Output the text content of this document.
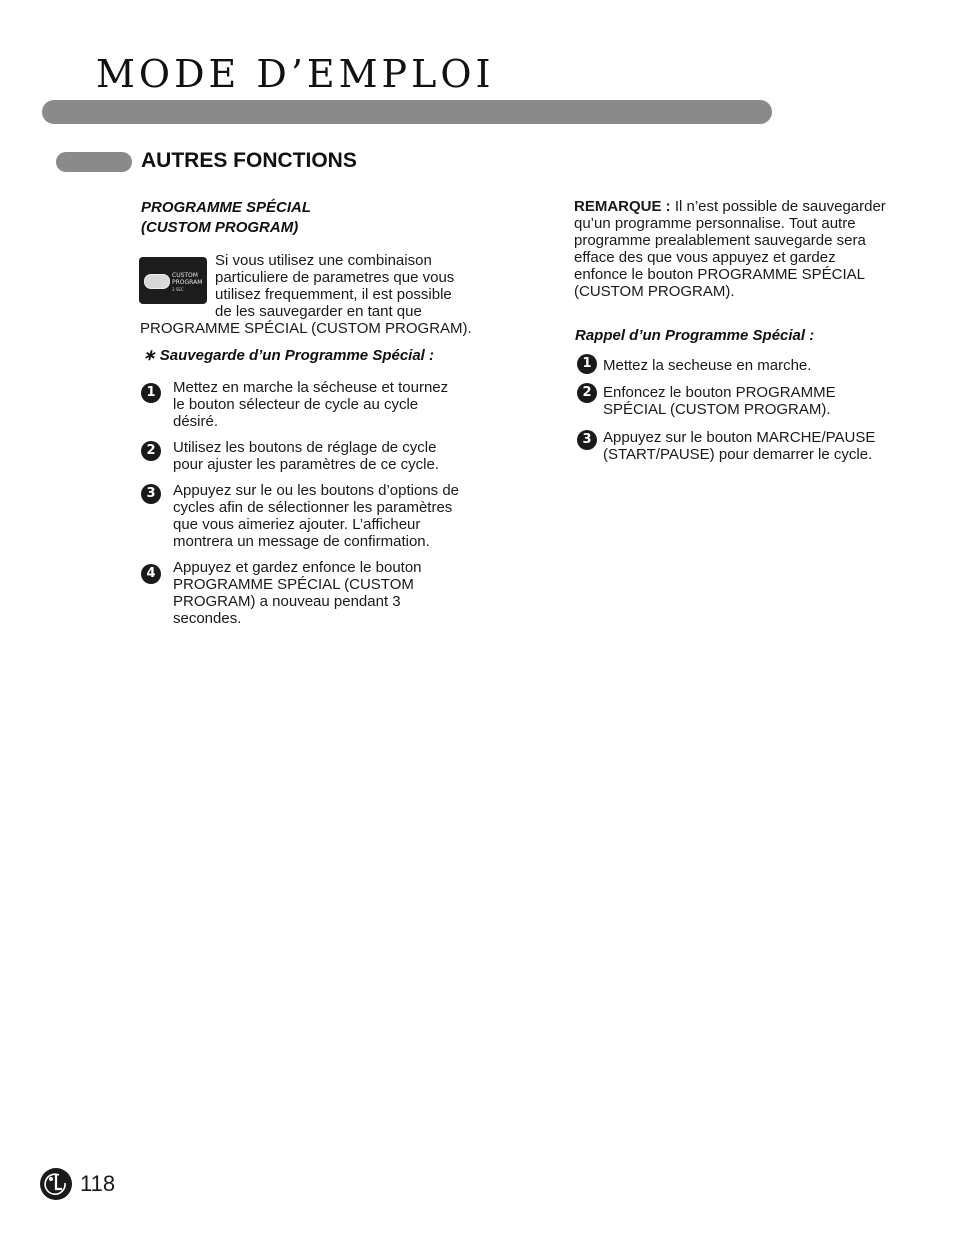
MODE D’EMPLOI
AUTRES FONCTIONS
PROGRAMME SPÉCIAL
(CUSTOM PROGRAM)
CUSTOM
PROGRAM
3 SEC
Si vous utilisez une combinaison
particuliere de parametres que vous
utilisez frequemment, il est possible
de les sauvegarder en tant que
PROGRAMME SPÉCIAL (CUSTOM PROGRAM).
∗ Sauvegarde d’un Programme Spécial :
1	Mettez en marche la sécheuse et tournez
le bouton sélecteur de cycle au cycle
désiré.
2	Utilisez les boutons de réglage de cycle
pour ajuster les paramètres de ce cycle.
3	Appuyez sur le ou les boutons d’options de
cycles afin de sélectionner les paramètres
que vous aimeriez ajouter. L’afficheur
montrera un message de confirmation.
4	Appuyez et gardez enfonce le bouton
PROGRAMME SPÉCIAL (CUSTOM
PROGRAM) a nouveau pendant 3
secondes.
REMARQUE : Il n’est possible de sauvegarder
qu’un programme personnalise. Tout autre
programme prealablement sauvegarde sera
efface des que vous appuyez et gardez
enfonce le bouton PROGRAMME SPÉCIAL
(CUSTOM PROGRAM).
Rappel d’un Programme Spécial :
1 Mettez la secheuse en marche.
2 Enfoncez le bouton PROGRAMME
SPÉCIAL (CUSTOM PROGRAM).
3 Appuyez sur le bouton MARCHE/PAUSE
(START/PAUSE) pour demarrer le cycle.
118
